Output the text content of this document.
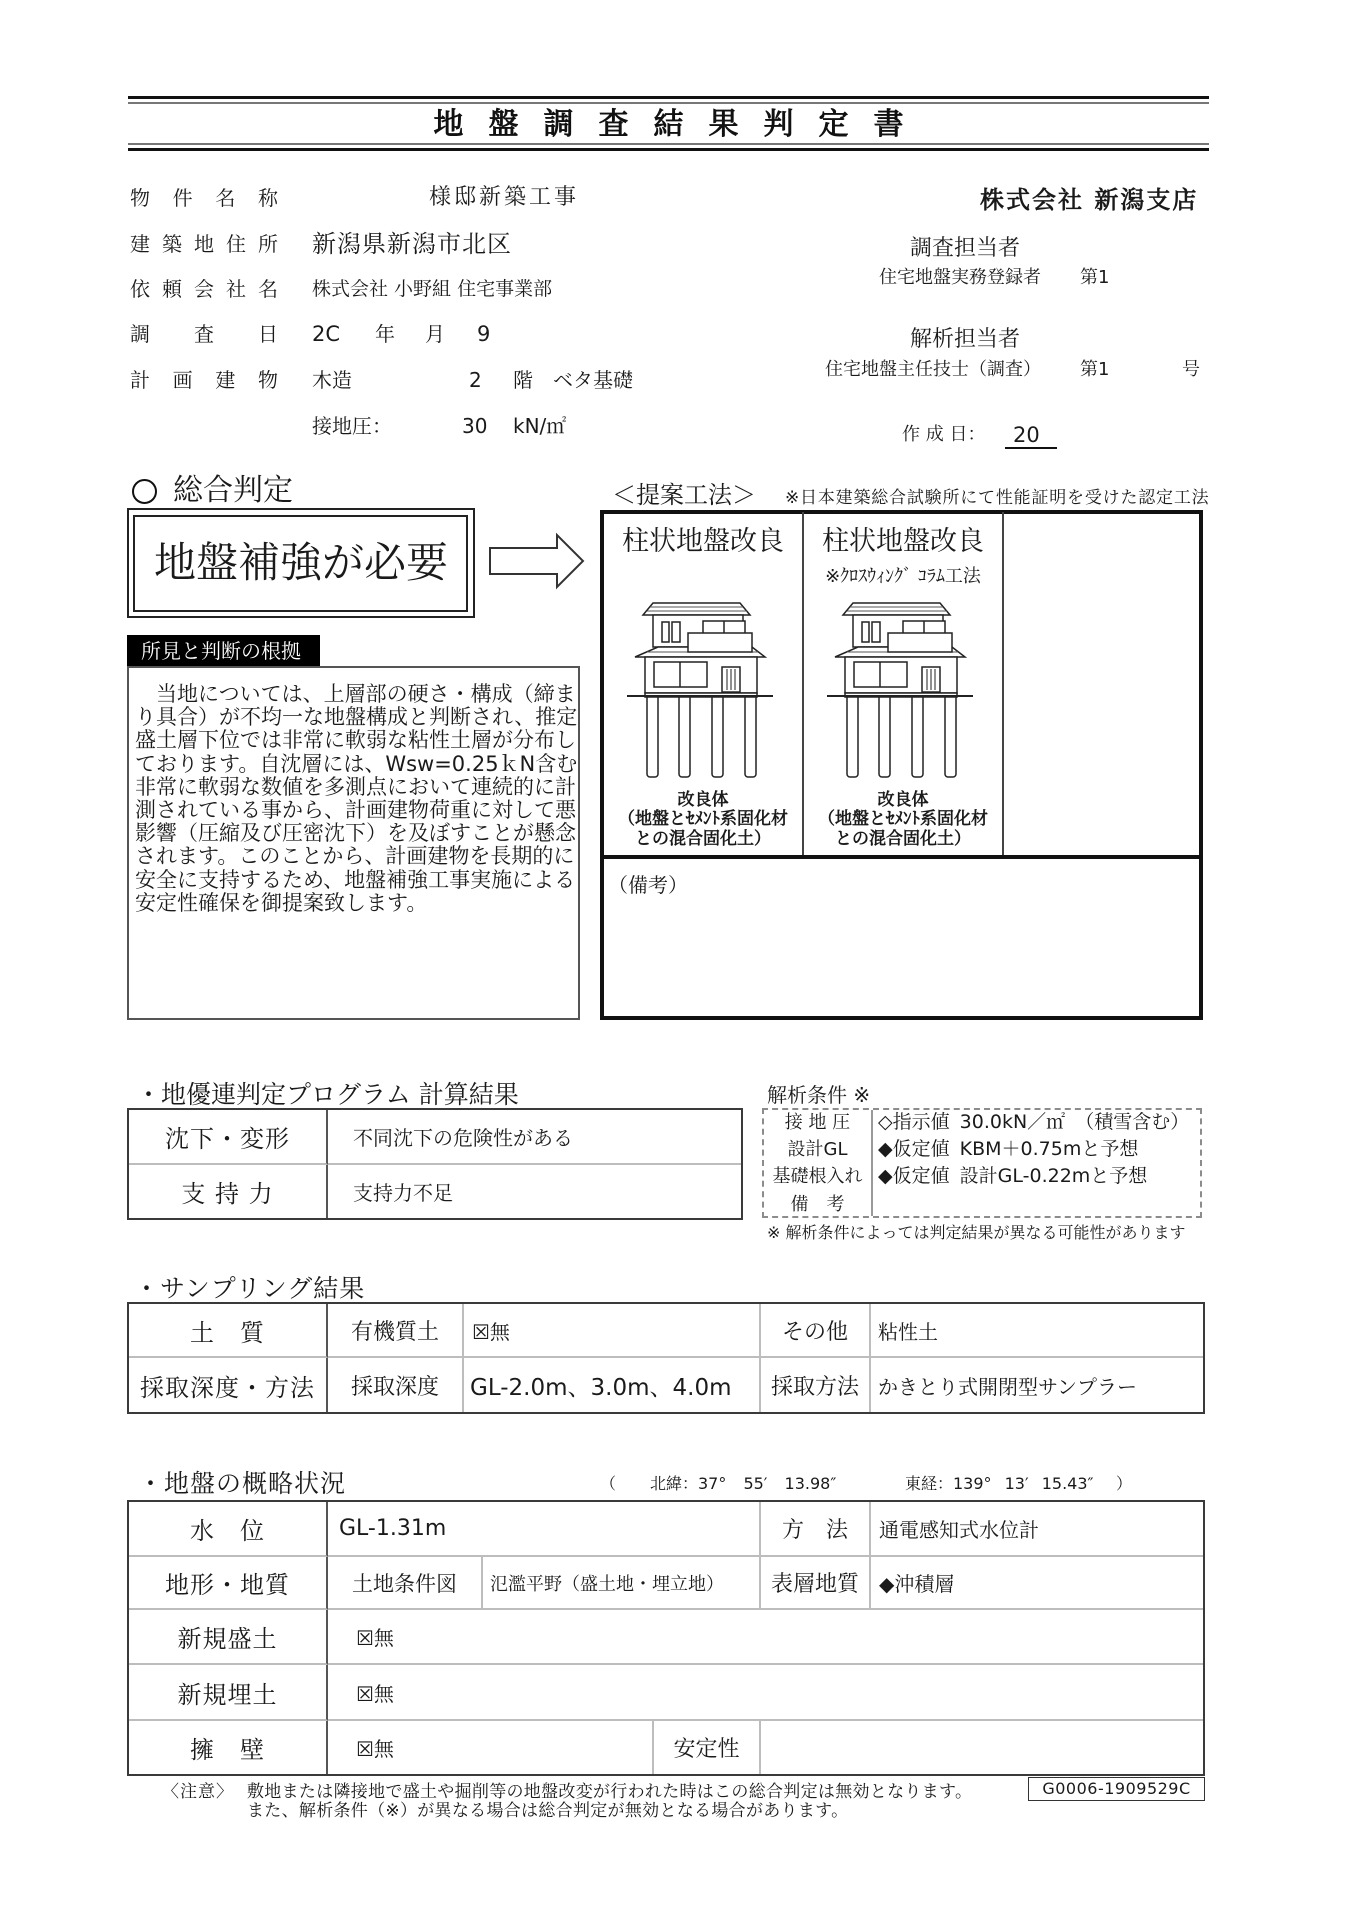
地盤調査結果判定書
物 件 名 称	様邸新築工事
建 築 地 住 所 新潟県新潟市北区
依 頼 会 社 名 株式会社 小野組 住宅事業部
調 査 日 2C 年 月 9
計 画 建 物 木造	2 階 ベタ基礎
接地圧：	30 kN/㎡
株式会社 新潟支店
調査担当者
住宅地盤実務登録者 第1
解析担当者
住宅地盤主任技士（調査） 第1	号
作 成 日： 20
総合判定
地盤補強が必要
所見と判断の根拠
　当地については、上層部の硬さ・構成（締ま
り具合）が不均一な地盤構成と判断され、推定
盛土層下位では非常に軟弱な粘性土層が分布し
ております。自沈層には、Wsw=0.25ｋN含む
非常に軟弱な数値を多測点において連続的に計
測されている事から、計画建物荷重に対して悪
影響（圧縮及び圧密沈下）を及ぼすことが懸念
されます。このことから、計画建物を長期的に
安全に支持するため、地盤補強工事実施による
安定性確保を御提案致します。
＜提案工法＞ ※日本建築総合試験所にて性能証明を受けた認定工法
柱状地盤改良	柱状地盤改良
※ｸﾛｽｳｨﾝｸﾞ ｺﾗﾑ工法
改良体
（地盤とｾﾒﾝﾄ系固化材
との混合固化土）
改良体
（地盤とｾﾒﾝﾄ系固化材
との混合固化土）
（備考）
・地優連判定プログラム 計算結果
沈下・変形	不同沈下の危険性がある
支 持 力	支持力不足
解析条件 ※
接 地 圧	◇指示値 30.0kN／㎡ （積雪含む）
設計GL	◆仮定値 KBM＋0.75mと予想
基礎根入れ ◆仮定値 設計GL-0.22mと予想
備　考
※ 解析条件によっては判定結果が異なる可能性があります
・サンプリング結果
土　質	有機質土	☒無	その他	粘性土
採取深度・方法	採取深度	GL-2.0m、3.0m、4.0m	採取方法	かきとり式開閉型サンプラー
・地盤の概略状況	（ 北緯：37° 55′ 13.98″	東経：139° 13′ 15.43″ ）
水　位	GL-1.31m			方　法	通電感知式水位計
地形・地質	土地条件図	氾濫平野（盛土地・埋立地）		表層地質	◆沖積層
新規盛土	☒無				
新規埋土	☒無				
擁　壁	☒無		安定性		
〈注意〉 敷地または隣接地で盛土や掘削等の地盤改変が行われた時はこの総合判定は無効となります。
また、解析条件（※）が異なる場合は総合判定が無効となる場合があります。
G0006-1909529C
